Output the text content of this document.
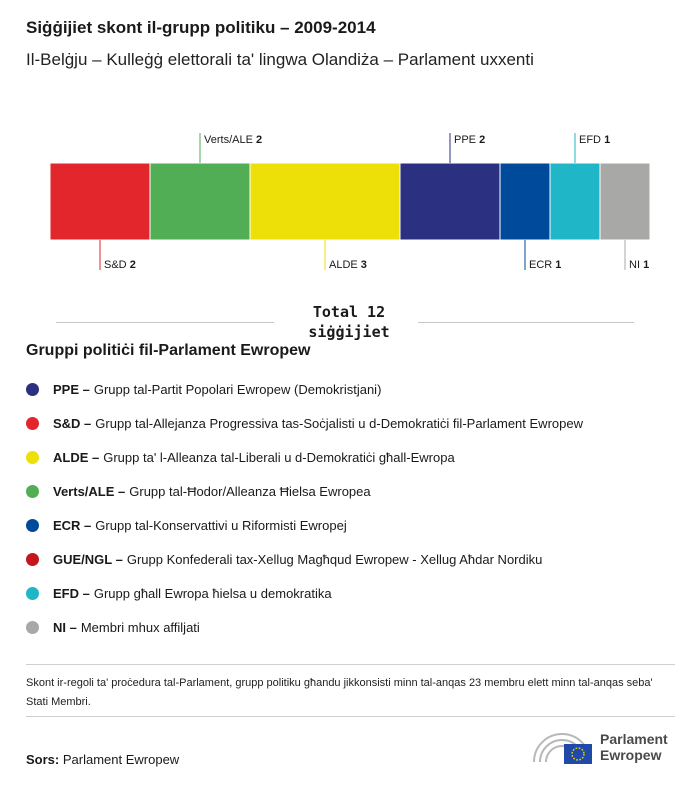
Siġġijiet skont il-grupp politiku – 2009-2014
Il-Belġju – Kulleġġ elettorali ta' lingwa Olandiża – Parlament uxxenti
S&D 2
Verts/ALE 2
ALDE 3
PPE 2
ECR 1
EFD 1
NI 1
Total 12
siġġijiet
Gruppi politiċi fil-Parlament Ewropew
PPE – Grupp tal-Partit Popolari Ewropew (Demokristjani)
S&D – Grupp tal-Allejanza Progressiva tas-Soċjalisti u d-Demokratiċi fil-Parlament Ewropew
ALDE – Grupp ta' l-Alleanza tal-Liberali u d-Demokratiċi għall-Ewropa
Verts/ALE – Grupp tal-Ħodor/Alleanza Ħielsa Ewropea
ECR – Grupp tal-Konservattivi u Riformisti Ewropej
GUE/NGL – Grupp Konfederali tax-Xellug Magħqud Ewropew - Xellug Aħdar Nordiku
EFD – Grupp għall Ewropa ħielsa u demokratika
NI – Membri mhux affiljati
Skont ir-regoli ta' proċedura tal-Parlament, grupp politiku għandu jikkonsisti minn tal-anqas 23 membru elett minn tal-anqas seba' Stati Membri.
Sors: Parlament Ewropew
Parlament
Ewropew
